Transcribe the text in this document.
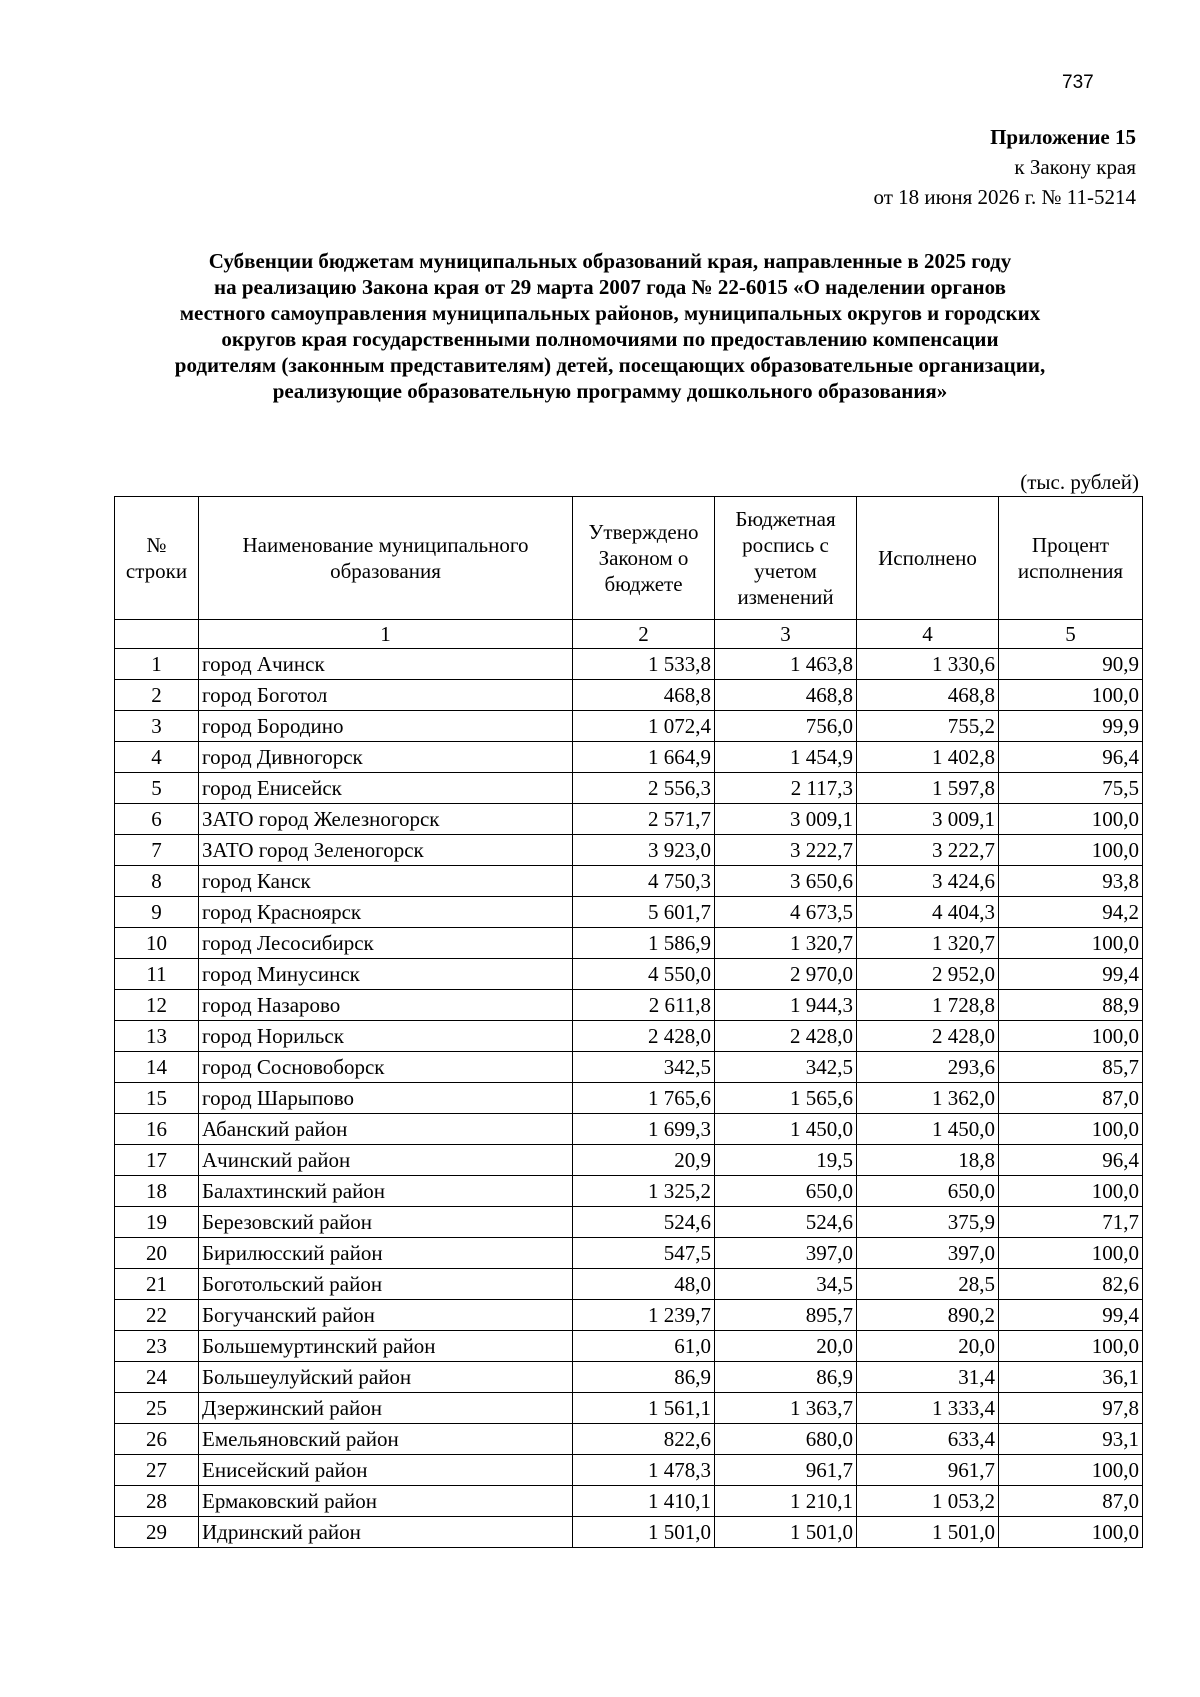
737
Приложение 15
к Закону края
от 18 июня 2026 г. № 11-5214
Субвенции бюджетам муниципальных образований края, направленные в 2025 году
на реализацию Закона края от 29 марта 2007 года № 22-6015 «О наделении органов
местного самоуправления муниципальных районов, муниципальных округов и городских
округов края государственными полномочиями по предоставлению компенсации
родителям (законным представителям) детей, посещающих образовательные организации,
реализующие образовательную программу дошкольного образования»
(тыс. рублей)
№ строки	Наименование муниципального образования	Утверждено Законом о бюджете	Бюджетная роспись с учетом изменений	Исполнено	Процент исполнения
	1	2	3	4	5
1	город Ачинск	1 533,8	1 463,8	1 330,6	90,9
2	город Боготол	468,8	468,8	468,8	100,0
3	город Бородино	1 072,4	756,0	755,2	99,9
4	город Дивногорск	1 664,9	1 454,9	1 402,8	96,4
5	город Енисейск	2 556,3	2 117,3	1 597,8	75,5
6	ЗАТО город Железногорск	2 571,7	3 009,1	3 009,1	100,0
7	ЗАТО город Зеленогорск	3 923,0	3 222,7	3 222,7	100,0
8	город Канск	4 750,3	3 650,6	3 424,6	93,8
9	город Красноярск	5 601,7	4 673,5	4 404,3	94,2
10	город Лесосибирск	1 586,9	1 320,7	1 320,7	100,0
11	город Минусинск	4 550,0	2 970,0	2 952,0	99,4
12	город Назарово	2 611,8	1 944,3	1 728,8	88,9
13	город Норильск	2 428,0	2 428,0	2 428,0	100,0
14	город Сосновоборск	342,5	342,5	293,6	85,7
15	город Шарыпово	1 765,6	1 565,6	1 362,0	87,0
16	Абанский район	1 699,3	1 450,0	1 450,0	100,0
17	Ачинский район	20,9	19,5	18,8	96,4
18	Балахтинский район	1 325,2	650,0	650,0	100,0
19	Березовский район	524,6	524,6	375,9	71,7
20	Бирилюсский район	547,5	397,0	397,0	100,0
21	Боготольский район	48,0	34,5	28,5	82,6
22	Богучанский район	1 239,7	895,7	890,2	99,4
23	Большемуртинский район	61,0	20,0	20,0	100,0
24	Большеулуйский район	86,9	86,9	31,4	36,1
25	Дзержинский район	1 561,1	1 363,7	1 333,4	97,8
26	Емельяновский район	822,6	680,0	633,4	93,1
27	Енисейский район	1 478,3	961,7	961,7	100,0
28	Ермаковский район	1 410,1	1 210,1	1 053,2	87,0
29	Идринский район	1 501,0	1 501,0	1 501,0	100,0
